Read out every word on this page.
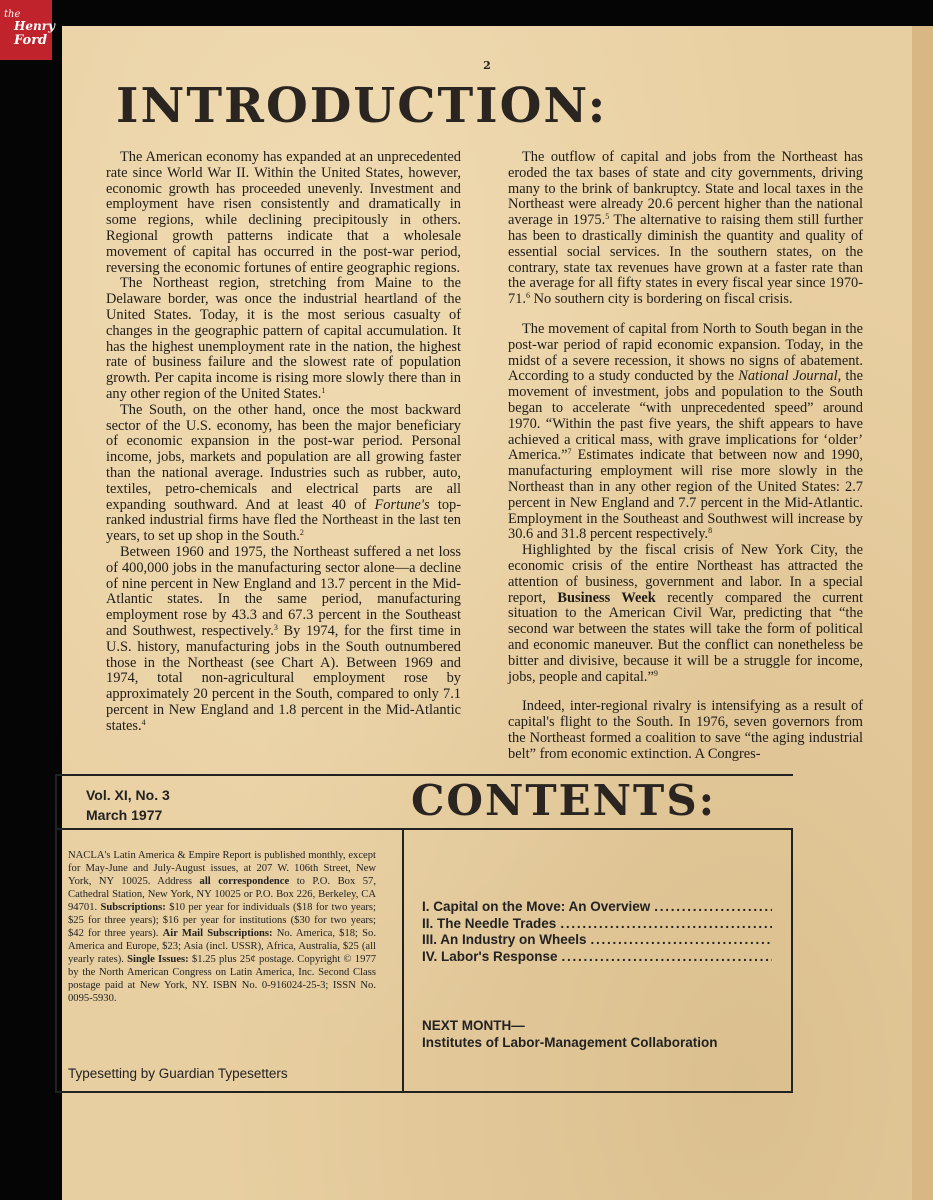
2
INTRODUCTION:

The American economy has expanded at an unprecedented rate since World War II. Within the United States, however, economic growth has proceeded unevenly. Investment and employment have risen consistently and dramatically in some regions, while declining precipitously in others. Regional growth patterns indicate that a wholesale movement of capital has occurred in the post-war period, reversing the economic fortunes of entire geographic regions.

The Northeast region, stretching from Maine to the Delaware border, was once the industrial heartland of the United States. Today, it is the most serious casualty of changes in the geographic pattern of capital accumulation. It has the highest unemployment rate in the nation, the highest rate of business failure and the slowest rate of population growth. Per capita income is rising more slowly there than in any other region of the United States.$^1$

The South, on the other hand, once the most backward sector of the U.S. economy, has been the major beneficiary of economic expansion in the post-war period. Personal income, jobs, markets and population are all growing faster than the national average. Industries such as rubber, auto, textiles, petro-chemicals and electrical parts are all expanding southward. And at least 40 of Fortune's top-ranked industrial firms have fled the Northeast in the last ten years, to set up shop in the South.$^2$

Between 1960 and 1975, the Northeast suffered a net loss of 400,000 jobs in the manufacturing sector alone—a decline of nine percent in New England and 13.7 percent in the Mid-Atlantic states. In the same period, manufacturing employment rose by 43.3 and 67.3 percent in the Southeast and Southwest, respectively.$^3$ By 1974, for the first time in U.S. history, manufacturing jobs in the South outnumbered those in the Northeast (see Chart A). Between 1969 and 1974, total non-agricultural employment rose by approximately 20 percent in the South, compared to only 7.1 percent in New England and 1.8 percent in the Mid-Atlantic states.$^4$

The outflow of capital and jobs from the Northeast has eroded the tax bases of state and city governments, driving many to the brink of bankruptcy. State and local taxes in the Northeast were already 20.6 percent higher than the national average in 1975.$^5$ The alternative to raising them still further has been to drastically diminish the quantity and quality of essential social services. In the southern states, on the contrary, state tax revenues have grown at a faster rate than the average for all fifty states in every fiscal year since 1970-71.$^6$ No southern city is bordering on fiscal crisis.

The movement of capital from North to South began in the post-war period of rapid economic expansion. Today, in the midst of a severe recession, it shows no signs of abatement. According to a study conducted by the National Journal, the movement of investment, jobs and population to the South began to accelerate “with unprecedented speed” around 1970. “Within the past five years, the shift appears to have achieved a critical mass, with grave implications for ‘older’ America.”$^7$ Estimates indicate that between now and 1990, manufacturing employment will rise more slowly in the Northeast than in any other region of the United States: 2.7 percent in New England and 7.7 percent in the Mid-Atlantic. Employment in the Southeast and Southwest will increase by 30.6 and 31.8 percent respectively.$^8$

Highlighted by the fiscal crisis of New York City, the economic crisis of the entire Northeast has attracted the attention of business, government and labor. In a special report, Business Week recently compared the current situation to the American Civil War, predicting that “the second war between the states will take the form of political and economic maneuver. But the conflict can nonetheless be bitter and divisive, because it will be a struggle for income, jobs, people and capital.”$^9$

Indeed, inter-regional rivalry is intensifying as a result of capital's flight to the South. In 1976, seven governors from the Northeast formed a coalition to save “the aging industrial belt” from economic extinction. A Congres-

the
Henry
Ford
Vol. XI, No. 3
March 1977	CONTENTS:
NACLA's Latin America & Empire Report is published monthly, except for May-June and July-August issues, at 207 W. 106th Street, New York, NY 10025. Address all correspondence to P.O. Box 57, Cathedral Station, New York, NY 10025 or P.O. Box 226, Berkeley, CA 94701. Subscriptions: $10 per year for individuals ($18 for two years; $25 for three years); $16 per year for institutions ($30 for two years; $42 for three years). Air Mail Subscriptions: No. America, $18; So. America and Europe, $23; Asia (incl. USSR), Africa, Australia, $25 (all yearly rates). Single Issues: $1.25 plus 25¢ postage. Copyright © 1977 by the North American Congress on Latin America, Inc. Second Class postage paid at New York, NY. ISBN No. 0-916024-25-3; ISSN No. 0095-5930.
Typesetting by Guardian Typesetters
I. Capital on the Move: An Overview
. . .
II. The Needle Trades
. . .
III. An Industry on Wheels
. . .
IV. Labor's Response
. . .
NEXT MONTH—
Institutes of Labor-Management Collaboration
